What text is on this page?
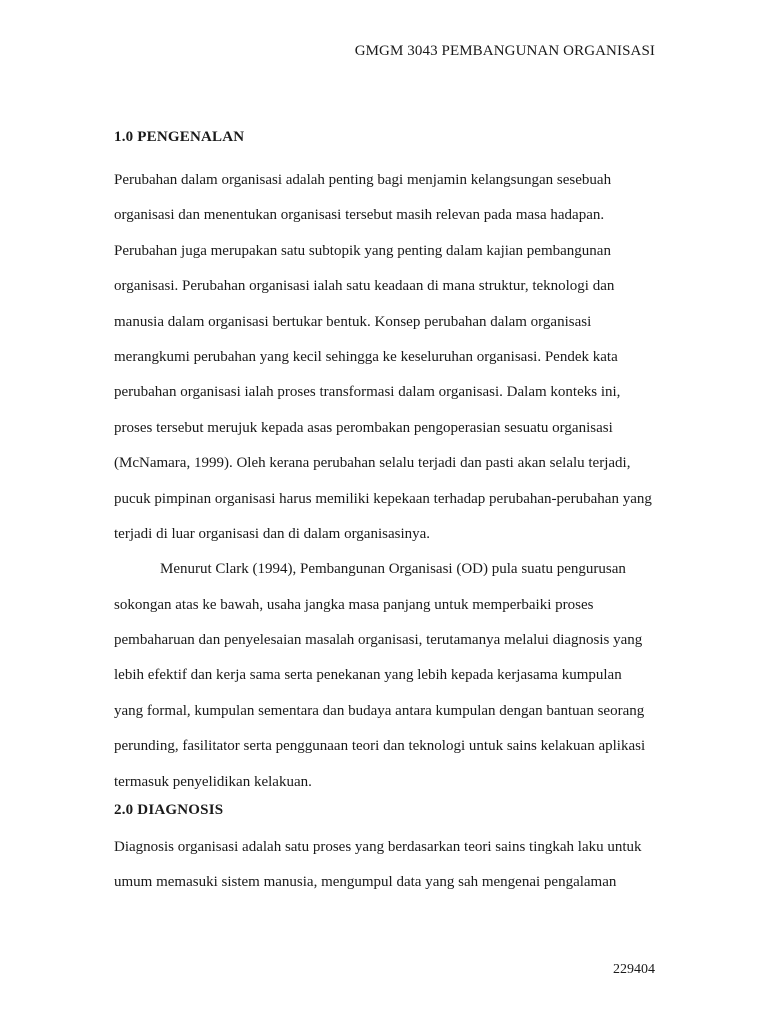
GMGM 3043 PEMBANGUNAN ORGANISASI
1.0 PENGENALAN

Perubahan dalam organisasi adalah penting bagi menjamin kelangsungan sesebuah
organisasi dan menentukan organisasi tersebut masih relevan pada masa hadapan.
Perubahan juga merupakan satu subtopik yang penting dalam kajian pembangunan
organisasi. Perubahan organisasi ialah satu keadaan di mana struktur, teknologi dan
manusia dalam organisasi bertukar bentuk. Konsep perubahan dalam organisasi
merangkumi perubahan yang kecil sehingga ke keseluruhan organisasi. Pendek kata
perubahan organisasi ialah proses transformasi dalam organisasi. Dalam konteks ini,
proses tersebut merujuk kepada asas perombakan pengoperasian sesuatu organisasi
(McNamara, 1999). Oleh kerana perubahan selalu terjadi dan pasti akan selalu terjadi,
pucuk pimpinan organisasi harus memiliki kepekaan terhadap perubahan-perubahan yang
terjadi di luar organisasi dan di dalam organisasinya.

Menurut Clark (1994), Pembangunan Organisasi (OD) pula suatu pengurusan
sokongan atas ke bawah, usaha jangka masa panjang untuk memperbaiki proses
pembaharuan dan penyelesaian masalah organisasi, terutamanya melalui diagnosis yang
lebih efektif dan kerja sama serta penekanan yang lebih kepada kerjasama kumpulan
yang formal, kumpulan sementara dan budaya antara kumpulan dengan bantuan seorang
perunding, fasilitator serta penggunaan teori dan teknologi untuk sains kelakuan aplikasi
termasuk penyelidikan kelakuan.

2.0 DIAGNOSIS

Diagnosis organisasi adalah satu proses yang berdasarkan teori sains tingkah laku untuk
umum memasuki sistem manusia, mengumpul data yang sah mengenai pengalaman

229404
